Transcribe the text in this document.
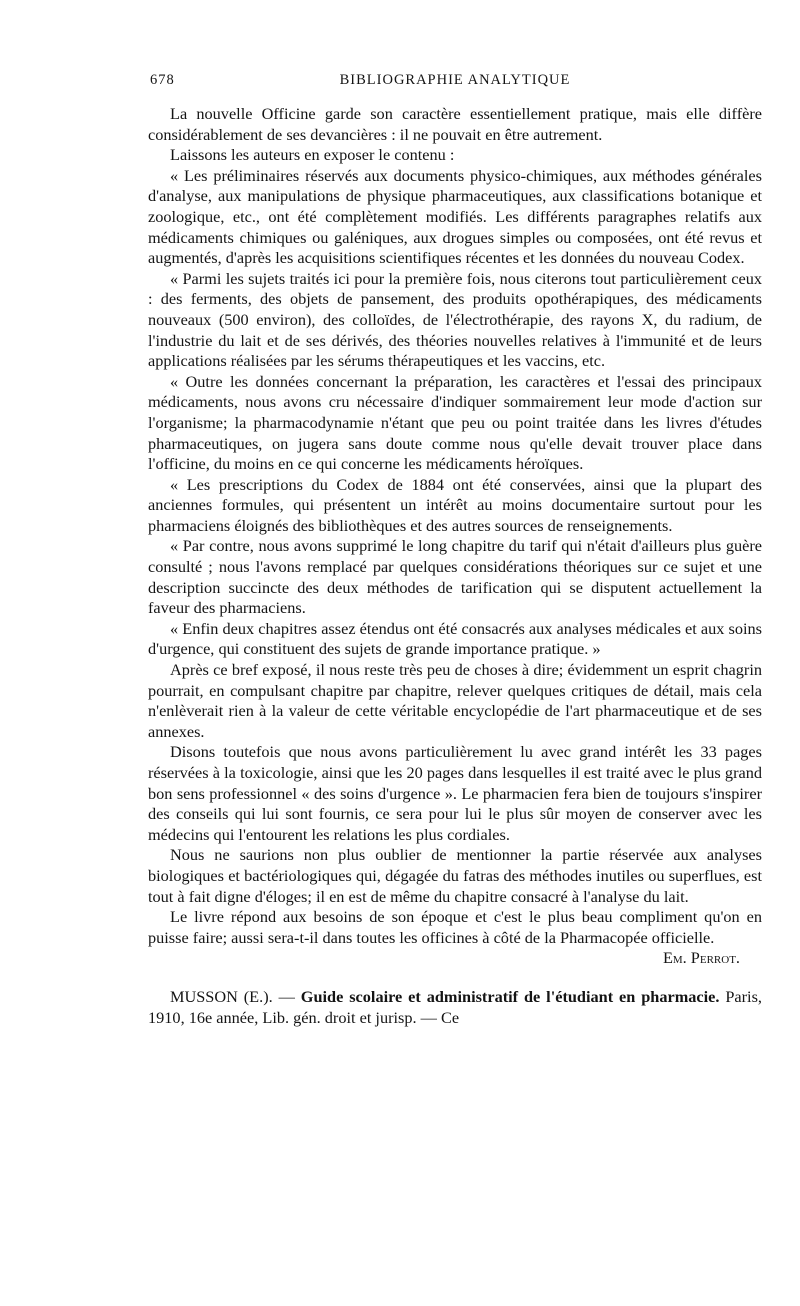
678	BIBLIOGRAPHIE ANALYTIQUE

La nouvelle Officine garde son caractère essentiellement pratique, mais elle diffère considérablement de ses devancières : il ne pouvait en être autrement.

Laissons les auteurs en exposer le contenu :

« Les préliminaires réservés aux documents physico-chimiques, aux méthodes générales d'analyse, aux manipulations de physique pharmaceutiques, aux classifications botanique et zoologique, etc., ont été complètement modifiés. Les différents paragraphes relatifs aux médicaments chimiques ou galéniques, aux drogues simples ou composées, ont été revus et augmentés, d'après les acquisitions scientifiques récentes et les données du nouveau Codex.

« Parmi les sujets traités ici pour la première fois, nous citerons tout particulièrement ceux : des ferments, des objets de pansement, des produits opothérapiques, des médicaments nouveaux (500 environ), des colloïdes, de l'électrothérapie, des rayons X, du radium, de l'industrie du lait et de ses dérivés, des théories nouvelles relatives à l'immunité et de leurs applications réalisées par les sérums thérapeutiques et les vaccins, etc.

« Outre les données concernant la préparation, les caractères et l'essai des principaux médicaments, nous avons cru nécessaire d'indiquer sommairement leur mode d'action sur l'organisme; la pharmacodynamie n'étant que peu ou point traitée dans les livres d'études pharmaceutiques, on jugera sans doute comme nous qu'elle devait trouver place dans l'officine, du moins en ce qui concerne les médicaments héroïques.

« Les prescriptions du Codex de 1884 ont été conservées, ainsi que la plupart des anciennes formules, qui présentent un intérêt au moins documentaire surtout pour les pharmaciens éloignés des bibliothèques et des autres sources de renseignements.

« Par contre, nous avons supprimé le long chapitre du tarif qui n'était d'ailleurs plus guère consulté ; nous l'avons remplacé par quelques considérations théoriques sur ce sujet et une description succincte des deux méthodes de tarification qui se disputent actuellement la faveur des pharmaciens.

« Enfin deux chapitres assez étendus ont été consacrés aux analyses médicales et aux soins d'urgence, qui constituent des sujets de grande importance pratique. »

Après ce bref exposé, il nous reste très peu de choses à dire; évidemment un esprit chagrin pourrait, en compulsant chapitre par chapitre, relever quelques critiques de détail, mais cela n'enlèverait rien à la valeur de cette véritable encyclopédie de l'art pharmaceutique et de ses annexes.

Disons toutefois que nous avons particulièrement lu avec grand intérêt les 33 pages réservées à la toxicologie, ainsi que les 20 pages dans lesquelles il est traité avec le plus grand bon sens professionnel « des soins d'urgence ». Le pharmacien fera bien de toujours s'inspirer des conseils qui lui sont fournis, ce sera pour lui le plus sûr moyen de conserver avec les médecins qui l'entourent les relations les plus cordiales.

Nous ne saurions non plus oublier de mentionner la partie réservée aux analyses biologiques et bactériologiques qui, dégagée du fatras des méthodes inutiles ou superflues, est tout à fait digne d'éloges; il en est de même du chapitre consacré à l'analyse du lait.

Le livre répond aux besoins de son époque et c'est le plus beau compliment qu'on en puisse faire; aussi sera-t-il dans toutes les officines à côté de la Pharmacopée officielle.
Em. Perrot.

MUSSON (E.). — Guide scolaire et administratif de l'étudiant en pharmacie. Paris, 1910, 16e année, Lib. gén. droit et jurisp. — Ce
